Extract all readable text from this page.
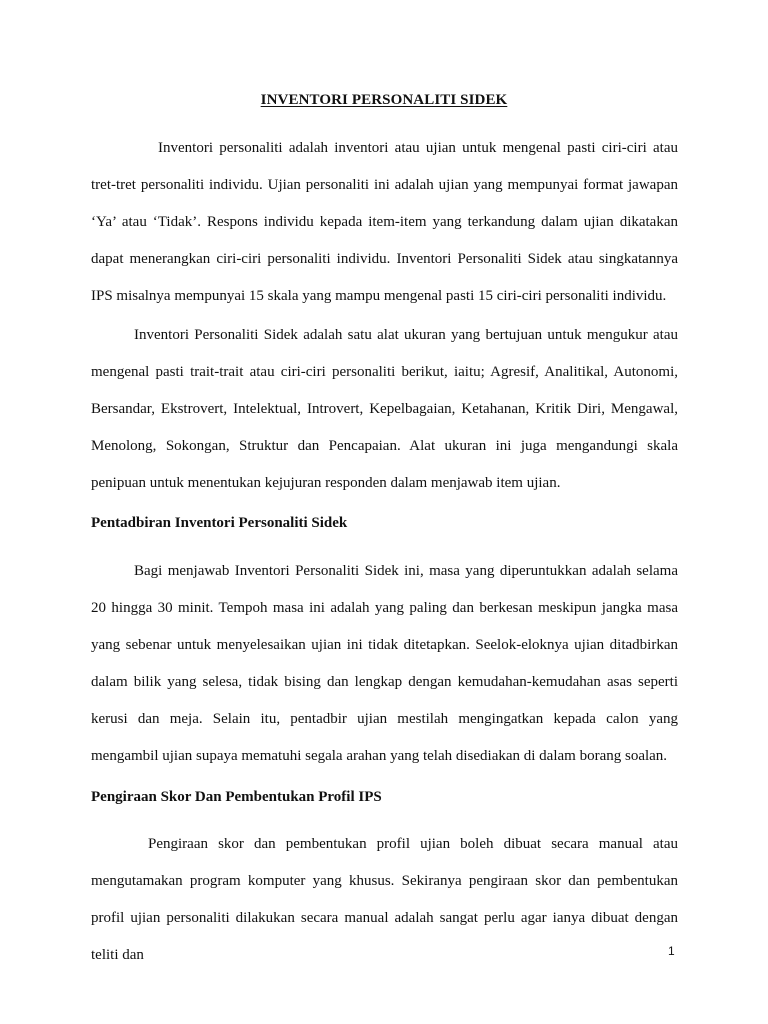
INVENTORI PERSONALITI SIDEK

Inventori personaliti adalah inventori atau ujian untuk mengenal pasti ciri-ciri atau tret-tret personaliti individu. Ujian personaliti ini adalah ujian yang mempunyai format jawapan ‘Ya’ atau ‘Tidak’. Respons individu kepada item-item yang terkandung dalam ujian dikatakan dapat menerangkan ciri-ciri personaliti individu. Inventori Personaliti Sidek atau singkatannya IPS misalnya mempunyai 15 skala yang mampu mengenal pasti 15 ciri-ciri personaliti individu.

Inventori Personaliti Sidek adalah satu alat ukuran yang bertujuan untuk mengukur atau mengenal pasti trait-trait atau ciri-ciri personaliti berikut, iaitu; Agresif, Analitikal, Autonomi, Bersandar, Ekstrovert, Intelektual, Introvert, Kepelbagaian, Ketahanan, Kritik Diri, Mengawal, Menolong, Sokongan, Struktur dan Pencapaian. Alat ukuran ini juga mengandungi skala penipuan untuk menentukan kejujuran responden dalam menjawab item ujian.

Pentadbiran Inventori Personaliti Sidek

Bagi menjawab Inventori Personaliti Sidek ini, masa yang diperuntukkan adalah selama 20 hingga 30 minit. Tempoh masa ini adalah yang paling dan berkesan meskipun jangka masa yang sebenar untuk menyelesaikan ujian ini tidak ditetapkan. Seelok-eloknya ujian ditadbirkan dalam bilik yang selesa, tidak bising dan lengkap dengan kemudahan-kemudahan asas seperti kerusi dan meja. Selain itu, pentadbir ujian mestilah mengingatkan kepada calon yang mengambil ujian supaya mematuhi segala arahan yang telah disediakan di dalam borang soalan.

Pengiraan Skor Dan Pembentukan Profil IPS

Pengiraan skor dan pembentukan profil ujian boleh dibuat secara manual atau mengutamakan program komputer yang khusus. Sekiranya pengiraan skor dan pembentukan profil ujian personaliti dilakukan secara manual adalah sangat perlu agar ianya dibuat dengan teliti dan	1
